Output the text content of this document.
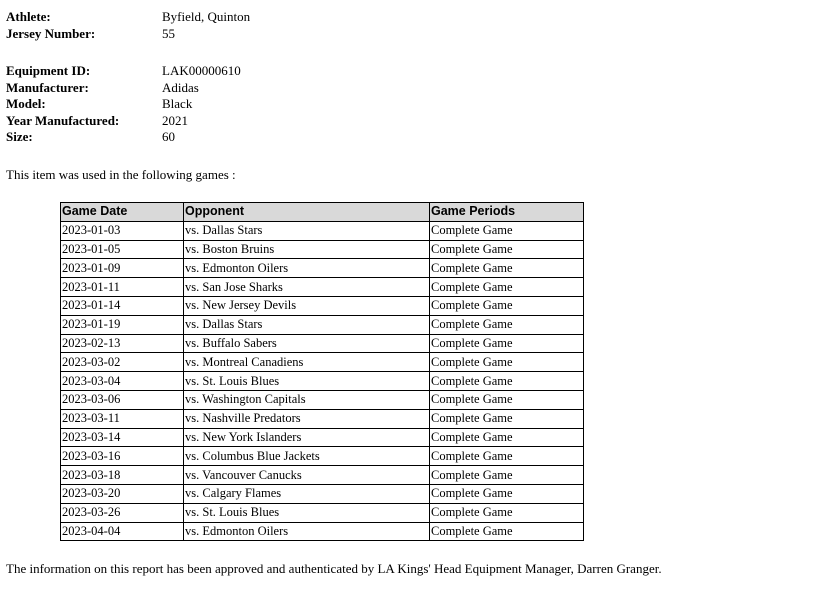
Athlete:	Byfield, Quinton
Jersey Number:	55
Equipment ID:	LAK00000610
Manufacturer:	Adidas
Model:	Black
Year Manufactured:	2021
Size:	60
This item was used in the following games :
Game Date	Opponent	Game Periods
2023-01-03	vs. Dallas Stars	Complete Game
2023-01-05	vs. Boston Bruins	Complete Game
2023-01-09	vs. Edmonton Oilers	Complete Game
2023-01-11	vs. San Jose Sharks	Complete Game
2023-01-14	vs. New Jersey Devils	Complete Game
2023-01-19	vs. Dallas Stars	Complete Game
2023-02-13	vs. Buffalo Sabers	Complete Game
2023-03-02	vs. Montreal Canadiens	Complete Game
2023-03-04	vs. St. Louis Blues	Complete Game
2023-03-06	vs. Washington Capitals	Complete Game
2023-03-11	vs. Nashville Predators	Complete Game
2023-03-14	vs. New York Islanders	Complete Game
2023-03-16	vs. Columbus Blue Jackets	Complete Game
2023-03-18	vs. Vancouver Canucks	Complete Game
2023-03-20	vs. Calgary Flames	Complete Game
2023-03-26	vs. St. Louis Blues	Complete Game
2023-04-04	vs. Edmonton Oilers	Complete Game
The information on this report has been approved and authenticated by LA Kings' Head Equipment Manager, Darren Granger.
